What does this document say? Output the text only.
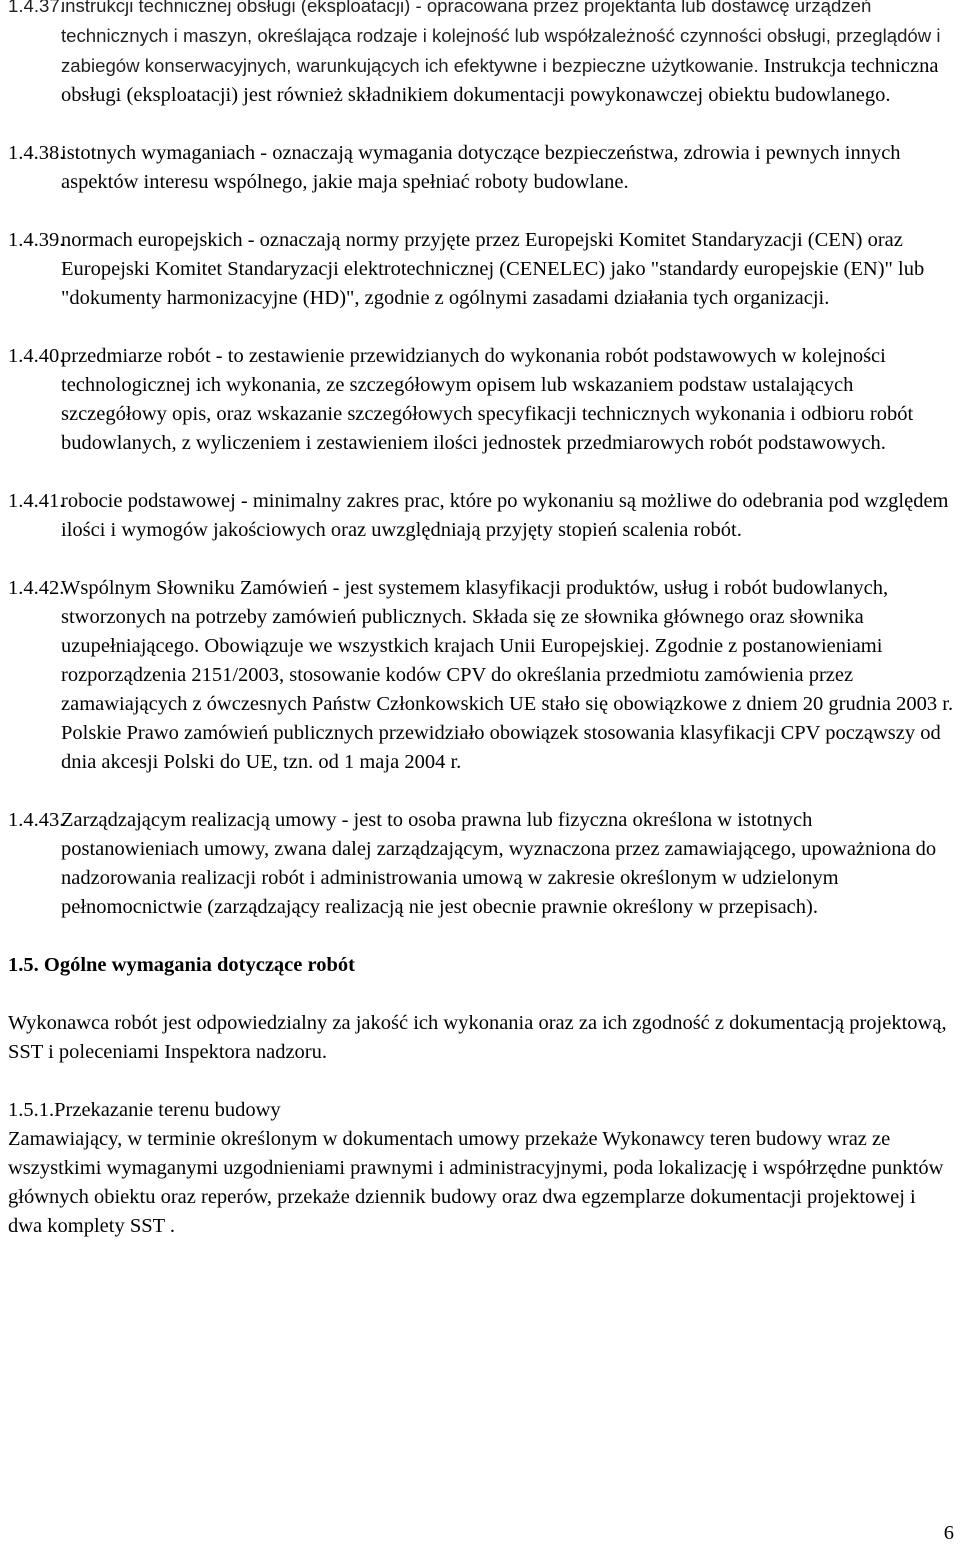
1.4.37.
instrukcji technicznej obsługi (eksploatacji) - opracowana przez projektanta lub dostawcę urządzeń technicznych i maszyn, określająca rodzaje i kolejność lub współzależność czynności obsługi, przeglądów i zabiegów konserwacyjnych, warunkujących ich efektywne i bezpieczne użytkowanie. Instrukcja techniczna obsługi (eksploatacji) jest również składnikiem dokumentacji powykonawczej obiektu budowlanego.

1.4.38.
istotnych wymaganiach - oznaczają wymagania dotyczące bezpieczeństwa, zdrowia i pewnych innych aspektów interesu wspólnego, jakie maja spełniać roboty budowlane.

1.4.39.
normach europejskich - oznaczają normy przyjęte przez Europejski Komitet Standaryzacji (CEN) oraz Europejski Komitet Standaryzacji elektrotechnicznej (CENELEC) jako "standardy europejskie (EN)" lub "dokumenty harmonizacyjne (HD)", zgodnie z ogólnymi zasadami działania tych organizacji.

1.4.40.
przedmiarze robót - to zestawienie przewidzianych do wykonania robót podstawowych w kolejności technologicznej ich wykonania, ze szczegółowym opisem lub wskazaniem podstaw ustalających szczegółowy opis, oraz wskazanie szczegółowych specyfikacji technicznych wykonania i odbioru robót budowlanych, z wyliczeniem i zestawieniem ilości jednostek przedmiarowych robót podstawowych.

1.4.41.
robocie podstawowej - minimalny zakres prac, które po wykonaniu są możliwe do odebrania pod względem ilości i wymogów jakościowych oraz uwzględniają przyjęty stopień scalenia robót.

1.4.42.
Wspólnym Słowniku Zamówień - jest systemem klasyfikacji produktów, usług i robót budowlanych, stworzonych na potrzeby zamówień publicznych. Składa się ze słownika głównego oraz słownika uzupełniającego. Obowiązuje we wszystkich krajach Unii Europejskiej. Zgodnie z postanowieniami rozporządzenia 2151/2003, stosowanie kodów CPV do określania przedmiotu zamówienia przez zamawiających z ówczesnych Państw Członkowskich UE stało się obowiązkowe z dniem 20 grudnia 2003 r. Polskie Prawo zamówień publicznych przewidziało obowiązek stosowania klasyfikacji CPV począwszy od dnia akcesji Polski do UE, tzn. od 1 maja 2004 r.

1.4.43.
Zarządzającym realizacją umowy - jest to osoba prawna lub fizyczna określona w istotnych postanowieniach umowy, zwana dalej zarządzającym, wyznaczona przez zamawiającego, upoważniona do nadzorowania realizacji robót i administrowania umową w zakresie określonym w udzielonym pełnomocnictwie (zarządzający realizacją nie jest obecnie prawnie określony w przepisach).

1.5. Ogólne wymagania dotyczące robót

Wykonawca robót jest odpowiedzialny za jakość ich wykonania oraz za ich zgodność z dokumentacją projektową, SST i poleceniami Inspektora nadzoru.

1.5.1.Przekazanie terenu budowy

Zamawiający, w terminie określonym w dokumentach umowy przekaże Wykonawcy teren budowy wraz ze wszystkimi wymaganymi uzgodnieniami prawnymi i administracyjnymi, poda lokalizację i współrzędne punktów głównych obiektu oraz reperów, przekaże dziennik budowy oraz dwa egzemplarze dokumentacji projektowej i dwa komplety SST .

6
